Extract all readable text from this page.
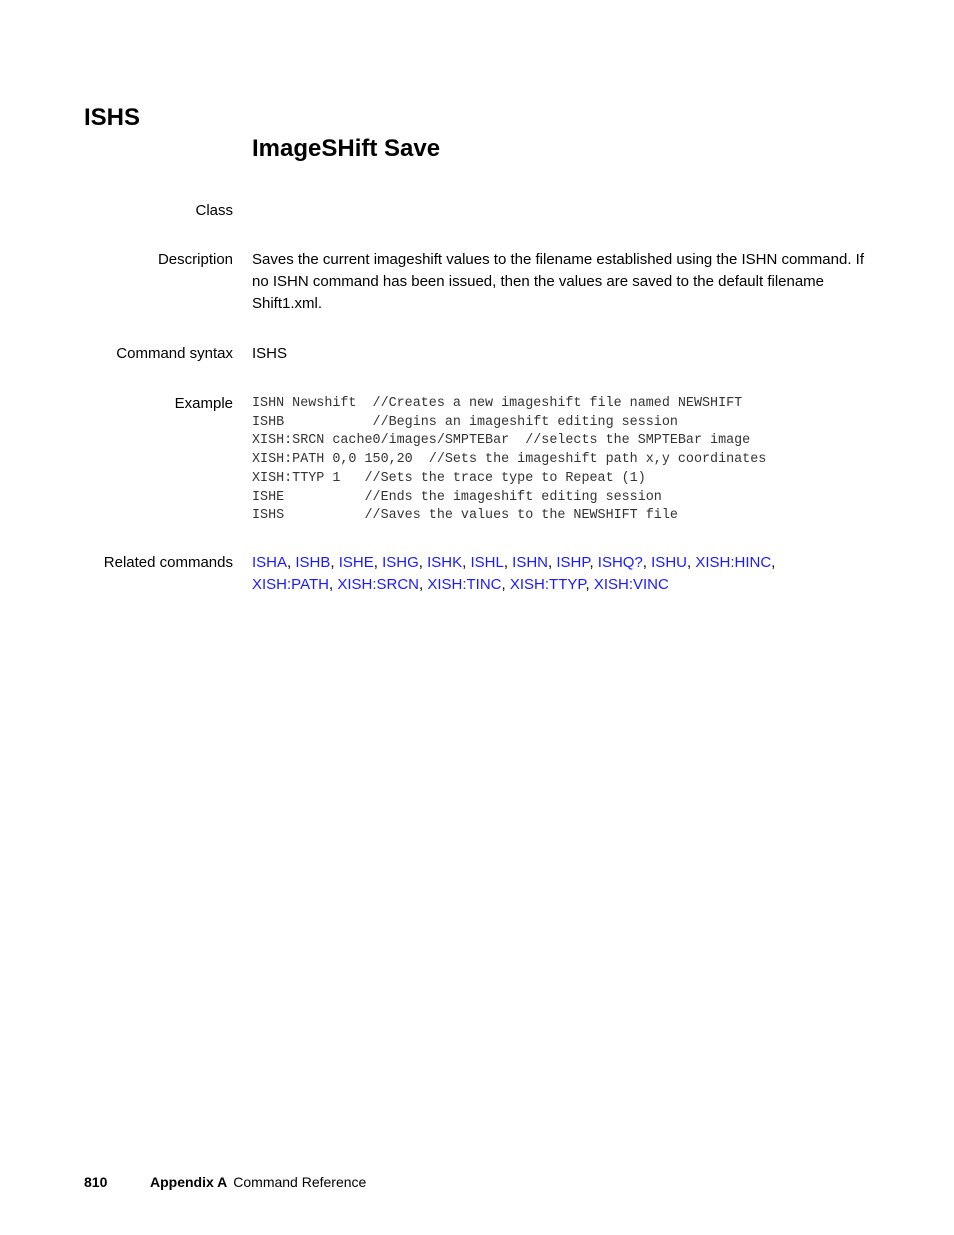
ISHS
ImageSHift Save
Class
Description Saves the current imageshift values to the filename established using the ISHN command. If no ISHN command has been issued, then the values are saved to the default filename Shift1.xml.
Command syntax ISHS
Example ISHN Newshift  //Creates a new imageshift file named NEWSHIFT
ISHB           //Begins an imageshift editing session
XISH:SRCN cache0/images/SMPTEBar  //selects the SMPTEBar image
XISH:PATH 0,0 150,20  //Sets the imageshift path x,y coordinates
XISH:TTYP 1   //Sets the trace type to Repeat (1)
ISHE          //Ends the imageshift editing session
ISHS          //Saves the values to the NEWSHIFT file
Related commands ISHA, ISHB, ISHE, ISHG, ISHK, ISHL, ISHN, ISHP, ISHQ?, ISHU, XISH:HINC,
XISH:PATH, XISH:SRCN, XISH:TINC, XISH:TTYP, XISH:VINC
810	Appendix A Command Reference
